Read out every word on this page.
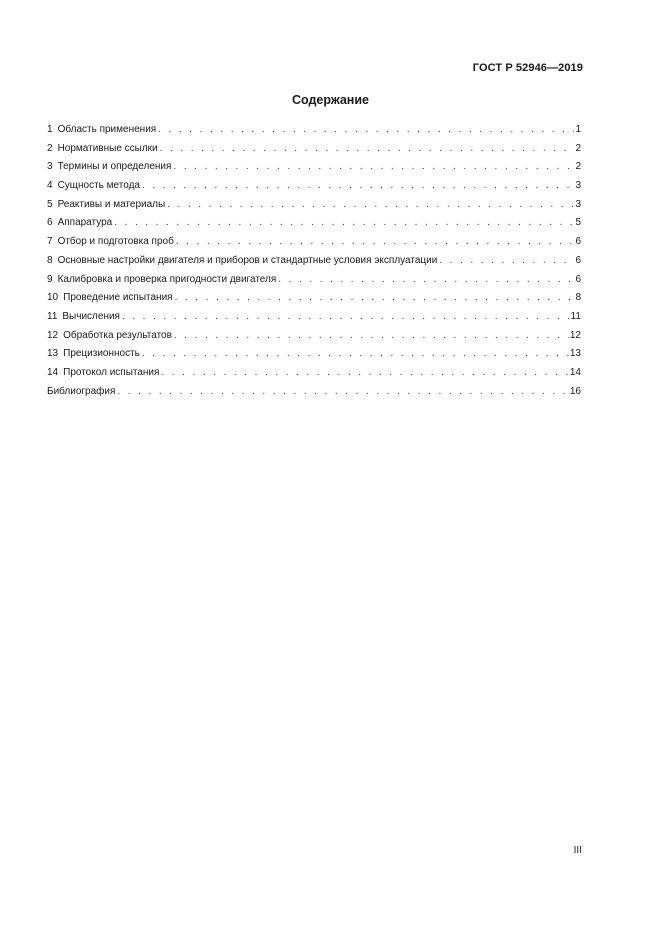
ГОСТ Р 52946—2019
Содержание
1 Область применения . . .	1
2 Нормативные ссылки . . .	2
3 Термины и определения . . .	2
4 Сущность метода . . .	3
5 Реактивы и материалы . . .	3
6 Аппаратура . . .	5
7 Отбор и подготовка проб . . .	6
8 Основные настройки двигателя и приборов и стандартные условия эксплуатации . . .	6
9 Калибровка и проверка пригодности двигателя . . .	6
10 Проведение испытания . . .	8
11 Вычисления . . .	11
12 Обработка результатов . . .	12
13 Прецизионность . . .	13
14 Протокол испытания . . .	14
Библиография . . .	16
III
